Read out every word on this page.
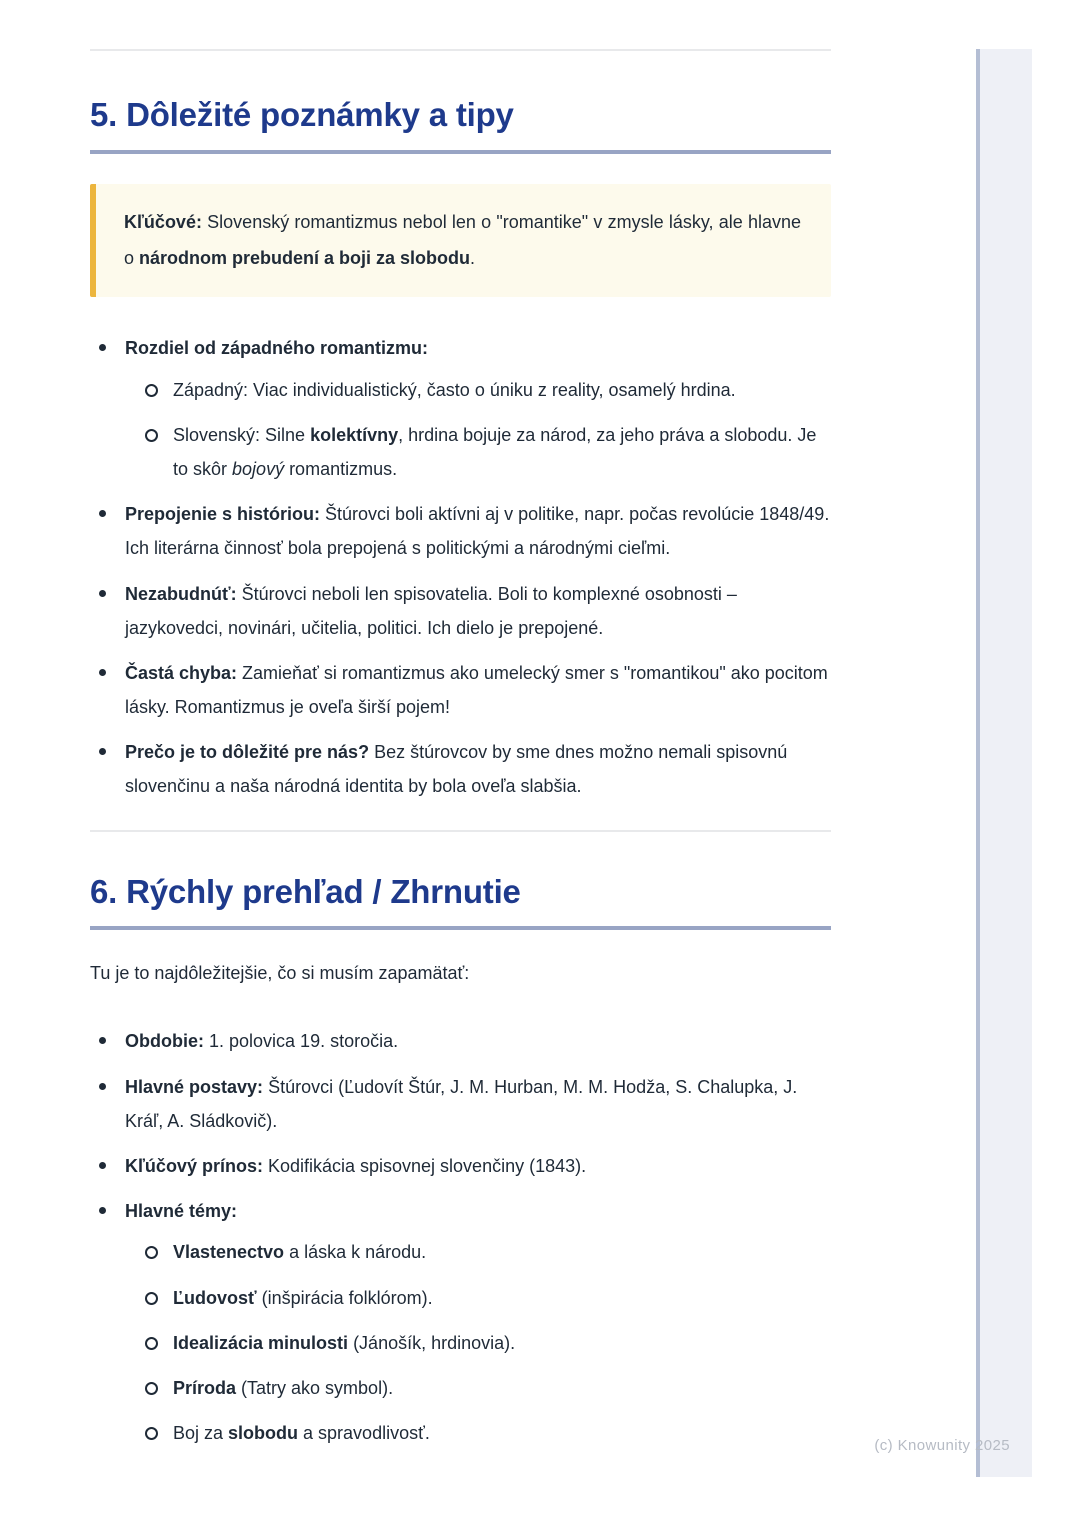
5. Dôležité poznámky a tipy

Kľúčové: Slovenský romantizmus nebol len o "romantike" v zmysle lásky, ale hlavne o národnom prebudení a boji za slobodu.

Rozdiel od západného romantizmu:
Západný: Viac individualistický, často o úniku z reality, osamelý hrdina.
Slovenský: Silne kolektívny, hrdina bojuje za národ, za jeho práva a slobodu. Je to skôr bojový romantizmus.
Prepojenie s históriou: Štúrovci boli aktívni aj v politike, napr. počas revolúcie 1848/49. Ich literárna činnosť bola prepojená s politickými a národnými cieľmi.
Nezabudnúť: Štúrovci neboli len spisovatelia. Boli to komplexné osobnosti – jazykovedci, novinári, učitelia, politici. Ich dielo je prepojené.
Častá chyba: Zamieňať si romantizmus ako umelecký smer s "romantikou" ako pocitom lásky. Romantizmus je oveľa širší pojem!
Prečo je to dôležité pre nás? Bez štúrovcov by sme dnes možno nemali spisovnú slovenčinu a naša národná identita by bola oveľa slabšia.
6. Rýchly prehľad / Zhrnutie

Tu je to najdôležitejšie, čo si musím zapamätať:

Obdobie: 1. polovica 19. storočia.
Hlavné postavy: Štúrovci (Ľudovít Štúr, J. M. Hurban, M. M. Hodža, S. Chalupka, J. Kráľ, A. Sládkovič).
Kľúčový prínos: Kodifikácia spisovnej slovenčiny (1843).
Hlavné témy:
Vlastenectvo a láska k národu.
Ľudovosť (inšpirácia folklórom).
Idealizácia minulosti (Jánošík, hrdinovia).
Príroda (Tatry ako symbol).
Boj za slobodu a spravodlivosť.
(c) Knowunity 2025
